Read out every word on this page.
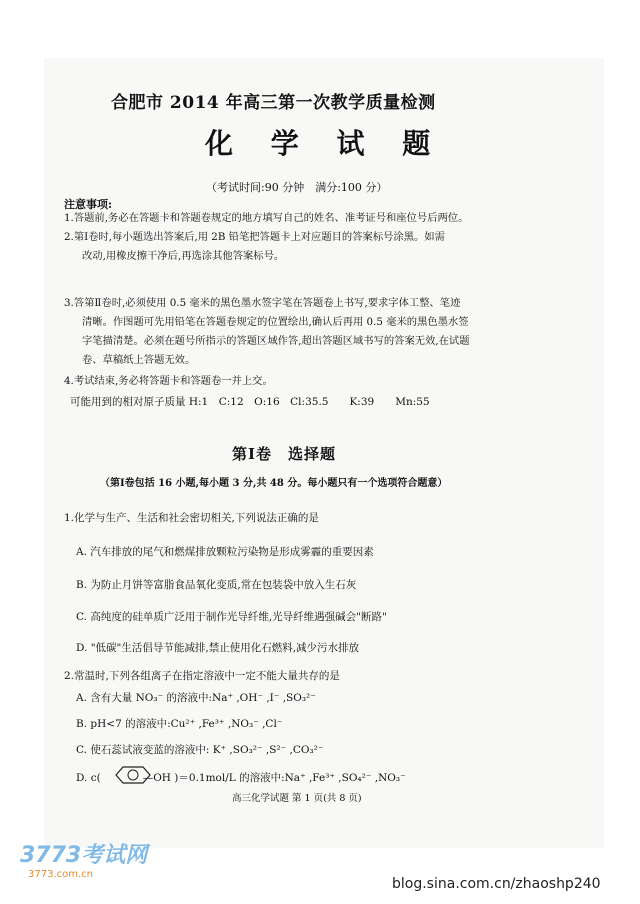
合肥市 2014 年高三第一次教学质量检测
化 学 试 题
（考试时间:90 分钟　满分:100 分）
注意事项:
1.答题前,务必在答题卡和答题卷规定的地方填写自己的姓名、准考证号和座位号后两位。
2.第Ⅰ卷时,每小题选出答案后,用 2B 铅笔把答题卡上对应题目的答案标号涂黑。如需
改动,用橡皮擦干净后,再选涂其他答案标号。
3.答第Ⅱ卷时,必须使用 0.5 毫米的黑色墨水签字笔在答题卷上书写,要求字体工整、笔迹
清晰。作图题可先用铅笔在答题卷规定的位置绘出,确认后再用 0.5 毫米的黑色墨水签
字笔描清楚。必须在题号所指示的答题区域作答,超出答题区域书写的答案无效,在试题
卷、草稿纸上答题无效。
4.考试结束,务必将答题卡和答题卷一并上交。
可能用到的相对原子质量 H:1　C:12　O:16　Cl:35.5　　K:39　　Mn:55
第Ⅰ卷　选择题
（第Ⅰ卷包括 16 小题,每小题 3 分,共 48 分。每小题只有一个选项符合题意）
1.化学与生产、生活和社会密切相关,下列说法正确的是
A. 汽车排放的尾气和燃煤排放颗粒污染物是形成雾霾的重要因素
B. 为防止月饼等富脂食品氧化变质,常在包装袋中放入生石灰
C. 高纯度的硅单质广泛用于制作光导纤维,光导纤维遇强碱会"断路"
D. "低碳"生活倡导节能减排,禁止使用化石燃料,减少污水排放
2.常温时,下列各组离子在指定溶液中一定不能大量共存的是
A. 含有大量 NO₃⁻ 的溶液中:Na⁺ ,OH⁻ ,I⁻ ,SO₃²⁻
B. pH<7 的溶液中:Cu²⁺ ,Fe³⁺ ,NO₃⁻ ,Cl⁻
C. 使石蕊试液变蓝的溶液中: K⁺ ,SO₃²⁻ ,S²⁻ ,CO₃²⁻
D. c(　　　　—OH )＝0.1mol/L 的溶液中:Na⁺ ,Fe³⁺ ,SO₄²⁻ ,NO₃⁻
高三化学试题 第 1 页(共 8 页)
3773考试网
3773.com.cn
blog.sina.com.cn/zhaoshp240
